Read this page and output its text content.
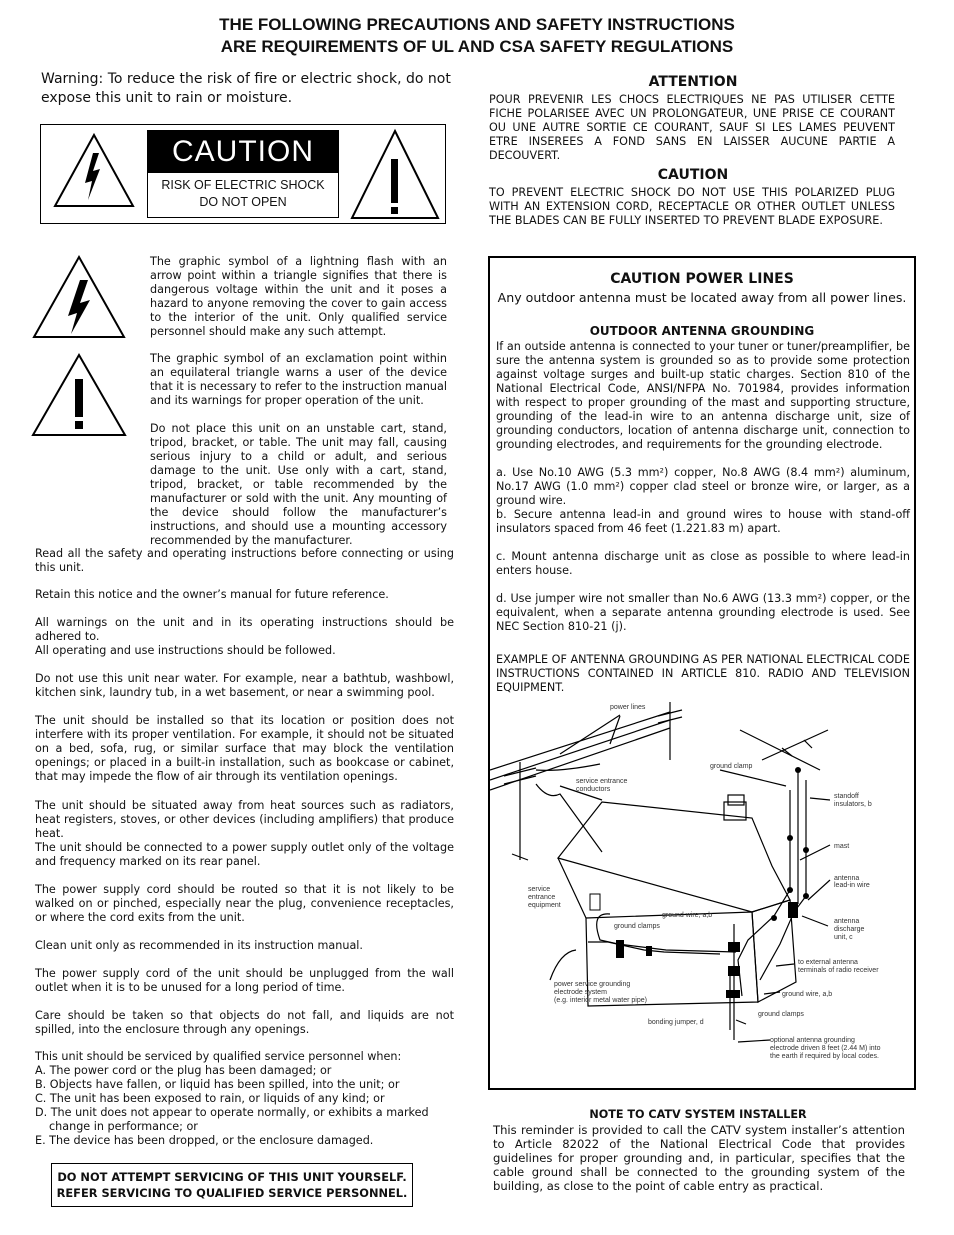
THE FOLLOWING PRECAUTIONS AND SAFETY INSTRUCTIONS
ARE REQUIREMENTS OF UL AND CSA SAFETY REGULATIONS
Warning: To reduce the risk of fire or electric shock, do not expose this unit to rain or moisture.
CAUTION
RISK OF ELECTRIC SHOCK
DO NOT OPEN

The graphic symbol of a lightning flash with an arrow point within a triangle signifies that there is dangerous voltage within the unit and it poses a hazard to anyone removing the cover to gain access to the interior of the unit. Only qualified service personnel should make any such attempt.

The graphic symbol of an exclamation point within an equilateral triangle warns a user of the device that it is necessary to refer to the instruction manual and its warnings for proper operation of the unit.

Do not place this unit on an unstable cart, stand, tripod, bracket, or table. The unit may fall, causing serious injury to a child or adult, and serious damage to the unit. Use only with a cart, stand, tripod, bracket, or table recommended by the manufacturer or sold with the unit. Any mounting of the device should follow the manufacturer’s instructions, and should use a mounting accessory recommended by the manufacturer.

Read all the safety and operating instructions before connecting or using this unit.

Retain this notice and the owner’s manual for future reference.

All warnings on the unit and in its operating instructions should be adhered to.

All operating and use instructions should be followed.

Do not use this unit near water. For example, near a bathtub, washbowl, kitchen sink, laundry tub, in a wet basement, or near a swimming pool.

The unit should be installed so that its location or position does not interfere with its proper ventilation. For example, it should not be situated on a bed, sofa, rug, or similar surface that may block the ventilation openings; or placed in a built-in installation, such as bookcase or cabinet, that may impede the flow of air through its ventilation openings.

The unit should be situated away from heat sources such as radiators, heat registers, stoves, or other devices (including amplifiers) that produce heat.

The unit should be connected to a power supply outlet only of the voltage and frequency marked on its rear panel.

The power supply cord should be routed so that it is not likely to be walked on or pinched, especially near the plug, convenience receptacles, or where the cord exits from the unit.

Clean unit only as recommended in its instruction manual.

The power supply cord of the unit should be unplugged from the wall outlet when it is to be unused for a long period of time.

Care should be taken so that objects do not fall, and liquids are not spilled, into the enclosure through any openings.

This unit should be serviced by qualified service personnel when:
A. The power cord or the plug has been damaged; or
B. Objects have fallen, or liquid has been spilled, into the unit; or
C. The unit has been exposed to rain, or liquids of any kind; or
D. The unit does not appear to operate normally, or exhibits a marked change in performance; or
E. The device has been dropped, or the enclosure damaged.
DO NOT ATTEMPT SERVICING OF THIS UNIT YOURSELF.
REFER SERVICING TO QUALIFIED SERVICE PERSONNEL.
ATTENTION

POUR PREVENIR LES CHOCS ELECTRIQUES NE PAS UTILISER CETTE FICHE POLARISEE AVEC UN PROLONGATEUR, UNE PRISE CE COURANT OU UNE AUTRE SORTIE CE COURANT, SAUF SI LES LAMES PEUVENT ETRE INSEREES A FOND SANS EN LAISSER AUCUNE PARTIE A DECOUVERT.

CAUTION

TO PREVENT ELECTRIC SHOCK DO NOT USE THIS POLARIZED PLUG WITH AN EXTENSION CORD, RECEPTACLE OR OTHER OUTLET UNLESS THE BLADES CAN BE FULLY INSERTED TO PREVENT BLADE EXPOSURE.

CAUTION POWER LINES
Any outdoor antenna must be located away from all power lines.
OUTDOOR ANTENNA GROUNDING

If an outside antenna is connected to your tuner or tuner/preamplifier, be sure the antenna system is grounded so as to provide some protection against voltage surges and built-up static charges. Section 810 of the National Electrical Code, ANSI/NFPA No. 701984, provides information with respect to proper grounding of the mast and supporting structure, grounding of the lead-in wire to an antenna discharge unit, size of grounding conductors, location of antenna discharge unit, connection to grounding electrodes, and requirements for the grounding electrode.

a. Use No.10 AWG (5.3 mm²) copper, No.8 AWG (8.4 mm²) aluminum, No.17 AWG (1.0 mm²) copper clad steel or bronze wire, or larger, as a ground wire.

b. Secure antenna lead-in and ground wires to house with stand-off insulators spaced from 46 feet (1.221.83 m) apart.

c. Mount antenna discharge unit as close as possible to where lead-in enters house.

d. Use jumper wire not smaller than No.6 AWG (13.3 mm²) copper, or the equivalent, when a separate antenna grounding electrode is used. See NEC Section 810-21 (j).

EXAMPLE OF ANTENNA GROUNDING AS PER NATIONAL ELECTRICAL CODE INSTRUCTIONS CONTAINED IN ARTICLE 810. RADIO AND TELEVISION EQUIPMENT.

power lines
ground clamp
service entrance
conductors
standoff
insulators, b
mast
antenna
lead-in wire
service
entrance
equipment
ground wire, a,b
antenna
discharge
unit, c
ground clamps
to external antenna
terminals of radio receiver
power service grounding
electrode system
(e.g. interior metal water pipe)
ground wire, a,b
ground clamps
bonding jumper, d
optional antenna grounding
electrode driven 8 feet (2.44 M) into
the earth if required by local codes.
NOTE TO CATV SYSTEM INSTALLER

This reminder is provided to call the CATV system installer’s attention to Article 82022 of the National Electrical Code that provides guidelines for proper grounding and, in particular, specifies that the cable ground shall be connected to the grounding system of the building, as close to the point of cable entry as practical.
